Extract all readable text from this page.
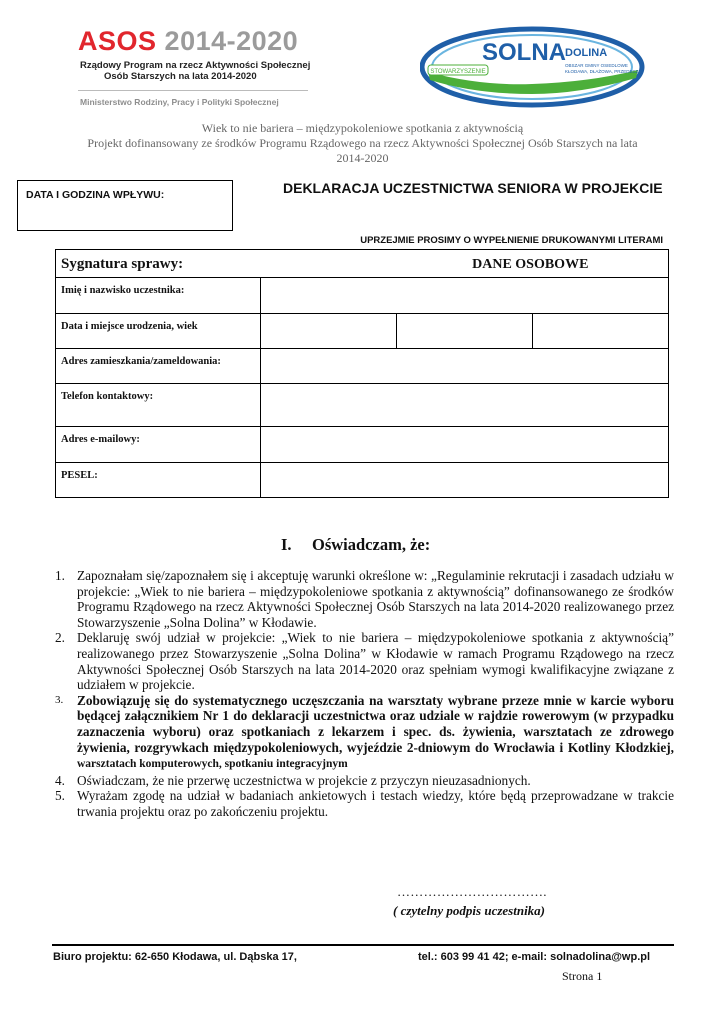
ASOS 2014-2020
Rządowy Program na rzecz Aktywności Społecznej
Osób Starszych na lata 2014-2020
Ministerstwo Rodziny, Pracy i Polityki Społecznej
STOWARZYSZENIE
SOLNA DOLINA
OBSZAR GMINY OSIEDLOWE
KŁODAWA, DŁAŻOWA, PRZEDECZ
Wiek to nie bariera – międzypokoleniowe spotkania z aktywnością
Projekt dofinansowany ze środków Programu Rządowego na rzecz Aktywności Społecznej Osób Starszych na lata
2014-2020
DATA I GODZINA WPŁYWU:	DEKLARACJA UCZESTNICTWA SENIORA W PROJEKCIE
UPRZEJMIE PROSIMY O WYPEŁNIENIE DRUKOWANYMI LITERAMI
Sygnatura sprawy: DANE OSOBOWE			
Imię i nazwisko uczestnika:			
Data i miejsce urodzenia, wiek			
Adres zamieszkania/zameldowania:			
Telefon kontaktowy:			
Adres e-mailowy:			
PESEL:			
I. Oświadczam, że:
1. Zapoznałam się/zapoznałem się i akceptuję warunki określone w: „Regulaminie rekrutacji i zasadach udziału w projekcie: „Wiek to nie bariera – międzypokoleniowe spotkania z aktywnością” dofinansowanego ze środków Programu Rządowego na rzecz Aktywności Społecznej Osób Starszych na lata 2014-2020 realizowanego przez Stowarzyszenie „Solna Dolina” w Kłodawie.
2. Deklaruję swój udział w projekcie: „Wiek to nie bariera – międzypokoleniowe spotkania z aktywnością” realizowanego przez Stowarzyszenie „Solna Dolina” w Kłodawie w ramach Programu Rządowego na rzecz Aktywności Społecznej Osób Starszych na lata 2014-2020 oraz spełniam wymogi kwalifikacyjne związane z udziałem w projekcie.
3. Zobowiązuję się do systematycznego uczęszczania na warsztaty wybrane przeze mnie w karcie wyboru będącej załącznikiem Nr 1 do deklaracji uczestnictwa oraz udziale w rajdzie rowerowym (w przypadku zaznaczenia wyboru) oraz spotkaniach z lekarzem i spec. ds. żywienia, warsztatach ze zdrowego żywienia, rozgrywkach międzypokoleniowych, wyjeździe 2-dniowym do Wrocławia i Kotliny Kłodzkiej, warsztatach komputerowych, spotkaniu integracyjnym
4. Oświadczam, że nie przerwę uczestnictwa w projekcie z przyczyn nieuzasadnionych.
5. Wyrażam zgodę na udział w badaniach ankietowych i testach wiedzy, które będą przeprowadzane w trakcie trwania projektu oraz po zakończeniu projektu.
…………………………….
( czytelny podpis uczestnika)
Biuro projektu: 62-650 Kłodawa, ul. Dąbska 17,	tel.: 603 99 41 42; e-mail: solnadolina@wp.pl
Strona 1
